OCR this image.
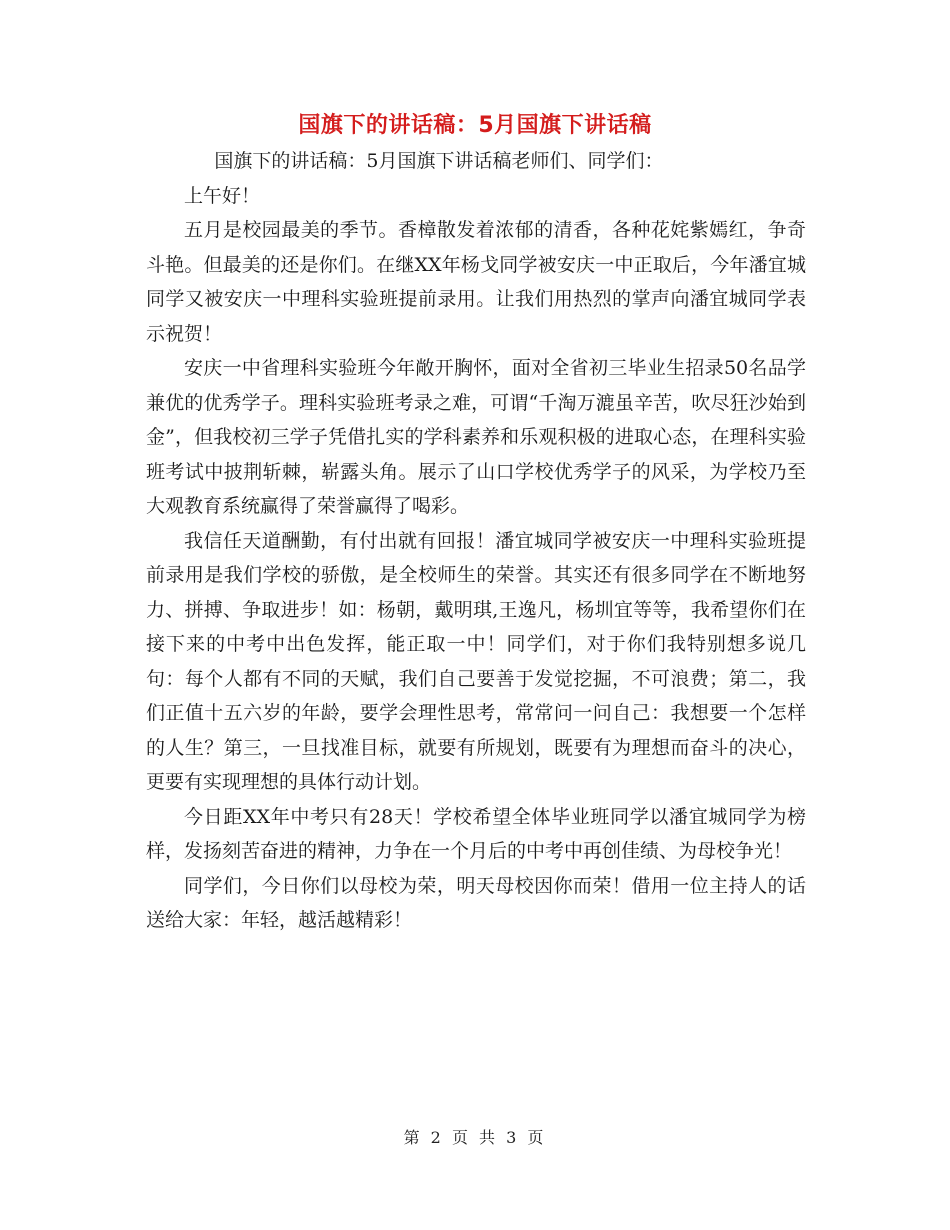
国旗下的讲话稿：5月国旗下讲话稿

国旗下的讲话稿：5月国旗下讲话稿老师们、同学们：

上午好！

五月是校园最美的季节。香樟散发着浓郁的清香，各种花姹紫嫣红，争奇斗艳。但最美的还是你们。在继XX年杨戈同学被安庆一中正取后，今年潘宜城同学又被安庆一中理科实验班提前录用。让我们用热烈的掌声向潘宜城同学表示祝贺！

安庆一中省理科实验班今年敞开胸怀，面对全省初三毕业生招录50名品学兼优的优秀学子。理科实验班考录之难，可谓“千淘万漉虽辛苦，吹尽狂沙始到金”，但我校初三学子凭借扎实的学科素养和乐观积极的进取心态，在理科实验班考试中披荆斩棘，崭露头角。展示了山口学校优秀学子的风采，为学校乃至大观教育系统赢得了荣誉赢得了喝彩。

我信任天道酬勤，有付出就有回报！潘宜城同学被安庆一中理科实验班提前录用是我们学校的骄傲，是全校师生的荣誉。其实还有很多同学在不断地努力、拼搏、争取进步！如：杨朝，戴明琪,王逸凡，杨圳宜等等，我希望你们在接下来的中考中出色发挥，能正取一中！同学们，对于你们我特别想多说几句：每个人都有不同的天赋，我们自己要善于发觉挖掘，不可浪费；第二，我们正值十五六岁的年龄，要学会理性思考，常常问一问自己：我想要一个怎样的人生？第三，一旦找准目标，就要有所规划，既要有为理想而奋斗的决心，更要有实现理想的具体行动计划。

今日距XX年中考只有28天！学校希望全体毕业班同学以潘宜城同学为榜样，发扬刻苦奋进的精神，力争在一个月后的中考中再创佳绩、为母校争光！

同学们，今日你们以母校为荣，明天母校因你而荣！借用一位主持人的话送给大家：年轻，越活越精彩！

第 2 页 共 3 页
